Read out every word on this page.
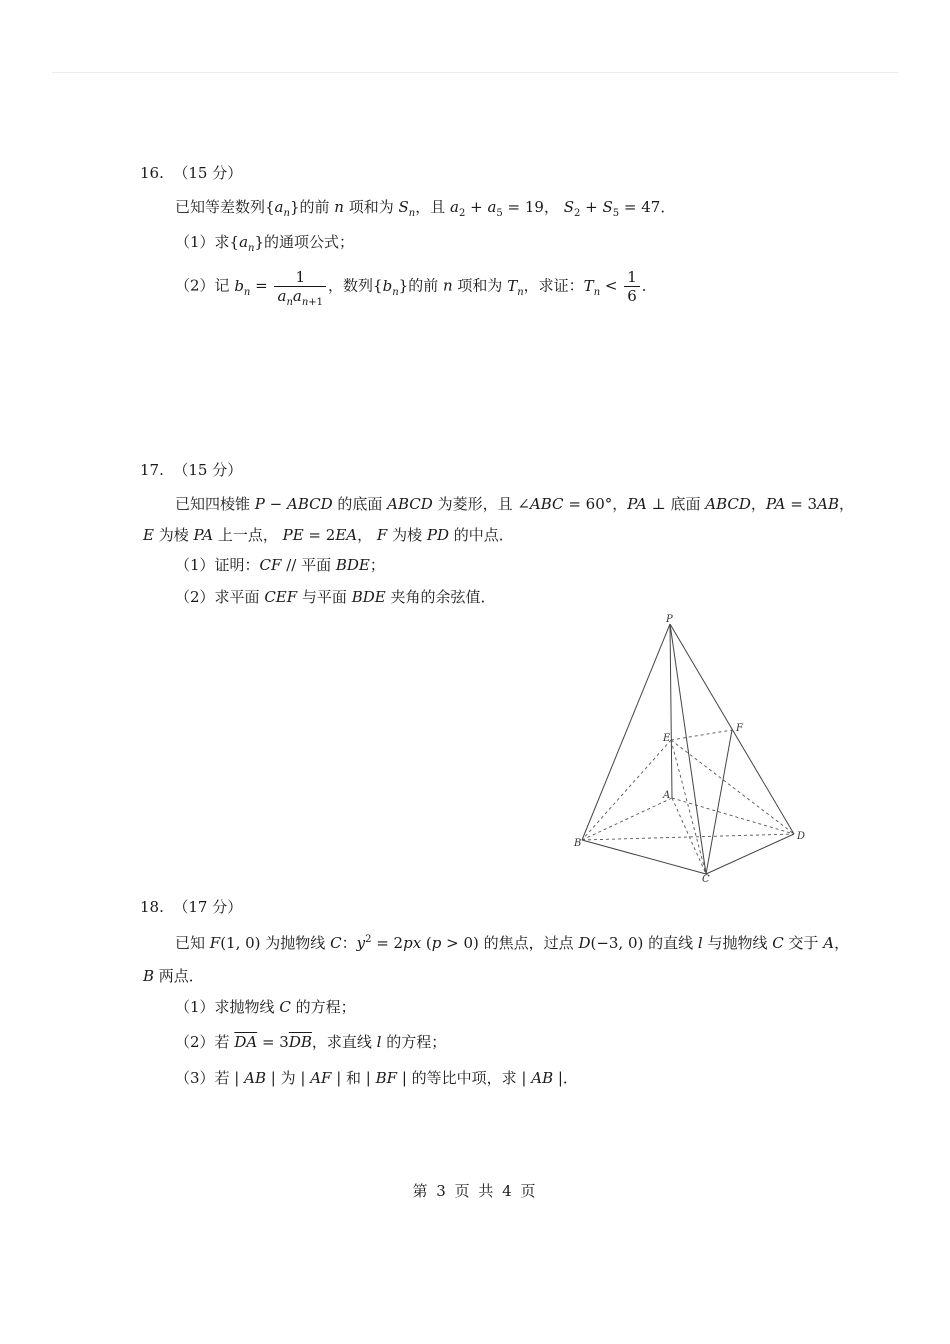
16.  （15 分）
已知等差数列$\{a_n\}$的前 n 项和为 $S_n$，且 $a_2 + a_5 = 19$， $S_2 + S_5 = 47$．
（1）求$\{a_n\}$的通项公式；
（2）记 $b_n = \frac{1}{a_na_{n+1}}$ ，数列$\{b_n\}$的前 n 项和为 $T_n$，求证：$T_n < \frac{1}{6}$ ．
17.  （15 分）
已知四棱锥 P − ABCD 的底面 ABCD 为菱形，且 ∠ABC = 60°，PA ⊥ 底面 ABCD，PA = 3AB，
E 为棱 PA 上一点， PE = 2EA， F 为棱 PD 的中点．
（1）证明：CF // 平面 BDE；
（2）求平面 CEF 与平面 BDE 夹角的余弦值．
P
F
E
A
B
D
C
18.  （17 分）
已知 F(1, 0) 为抛物线 C：$y^2 = 2px$ (p > 0) 的焦点，过点 D(−3, 0) 的直线 l 与抛物线 C 交于 A，
B 两点．
（1）求抛物线 C 的方程；
（2）若 $\overline{DA} = 3\overline{DB}$，求直线 l 的方程；
（3）若 | AB | 为 | AF | 和 | BF | 的等比中项，求 | AB |．
第 3 页 共 4 页
